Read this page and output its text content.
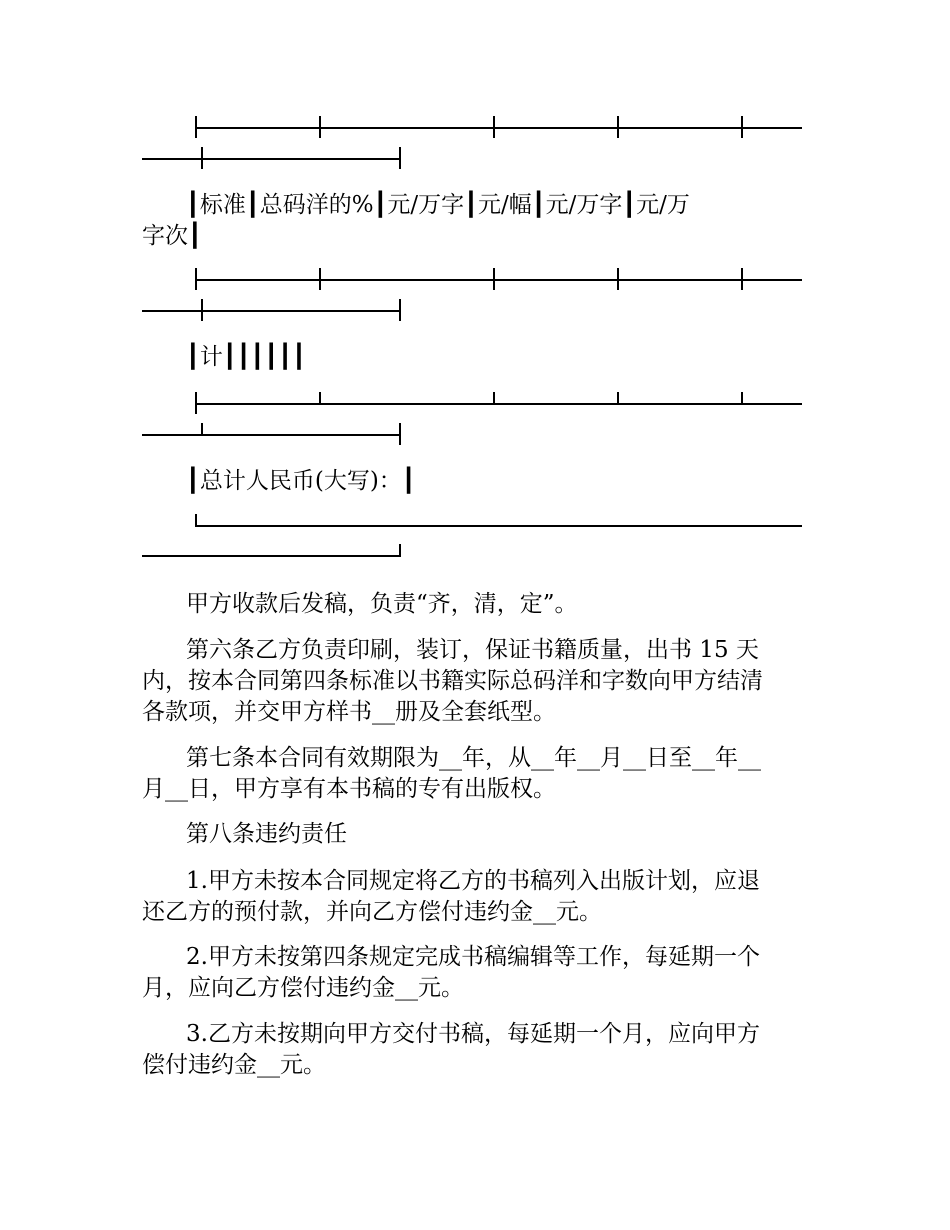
┃标准┃总码洋的%┃元/万字┃元/幅┃元/万字┃元/万
字次┃
┃计┃┃┃┃┃┃
┃总计人民币(大写)：┃
甲方收款后发稿，负责“齐，清，定”。
第六条乙方负责印刷，装订，保证书籍质量，出书 15 天
内，按本合同第四条标准以书籍实际总码洋和字数向甲方结清
各款项，并交甲方样书__册及全套纸型。
第七条本合同有效期限为__年，从__年__月__日至__年__
月__日，甲方享有本书稿的专有出版权。
第八条违约责任
1.甲方未按本合同规定将乙方的书稿列入出版计划，应退
还乙方的预付款，并向乙方偿付违约金__元。
2.甲方未按第四条规定完成书稿编辑等工作，每延期一个
月，应向乙方偿付违约金__元。
3.乙方未按期向甲方交付书稿，每延期一个月，应向甲方
偿付违约金__元。
